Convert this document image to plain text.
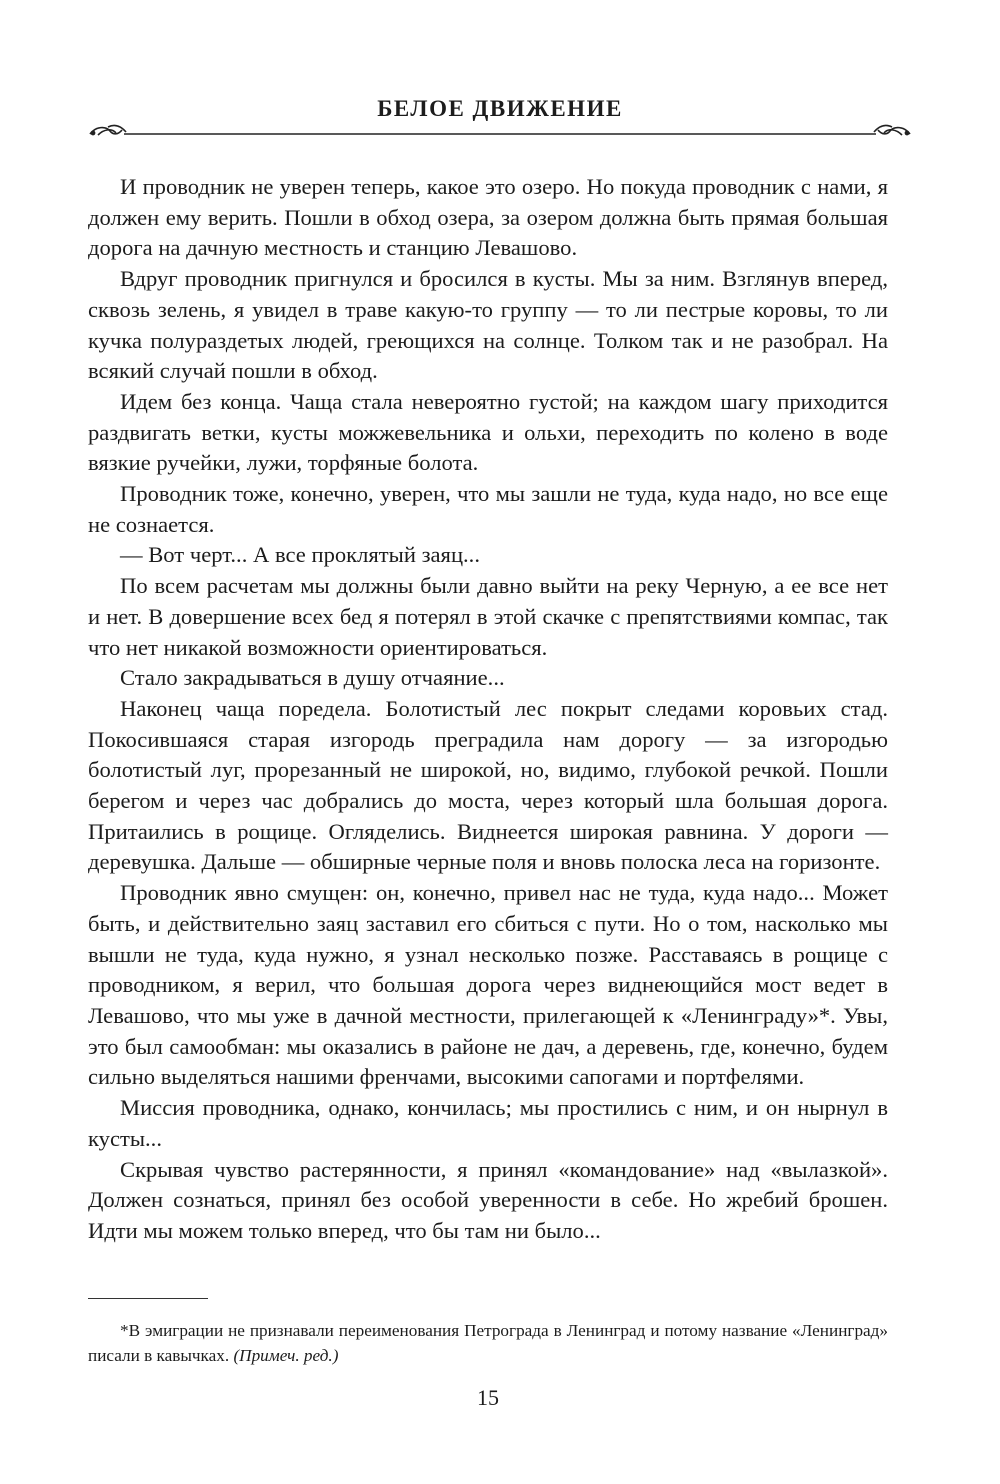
БЕЛОЕ ДВИЖЕНИЕ

И проводник не уверен теперь, какое это озеро. Но покуда проводник с нами, я должен ему верить. Пошли в обход озера, за озером должна быть прямая большая дорога на дачную местность и станцию Левашово.

Вдруг проводник пригнулся и бросился в кусты. Мы за ним. Взглянув вперед, сквозь зелень, я увидел в траве какую-то группу — то ли пестрые коровы, то ли кучка полураздетых людей, греющихся на солнце. Толком так и не разобрал. На всякий случай пошли в обход.

Идем без конца. Чаща стала невероятно густой; на каждом шагу приходится раздвигать ветки, кусты можжевельника и ольхи, переходить по колено в воде вязкие ручейки, лужи, торфяные болота.

Проводник тоже, конечно, уверен, что мы зашли не туда, куда надо, но все еще не сознается.

— Вот черт... А все проклятый заяц...

По всем расчетам мы должны были давно выйти на реку Черную, а ее все нет и нет. В довершение всех бед я потерял в этой скачке с препятствиями компас, так что нет никакой возможности ориентироваться.

Стало закрадываться в душу отчаяние...

Наконец чаща поредела. Болотистый лес покрыт следами коровьих стад. Покосившаяся старая изгородь преградила нам дорогу — за изгородью болотистый луг, прорезанный не широкой, но, видимо, глубокой речкой. Пошли берегом и через час добрались до моста, через который шла большая дорога. Притаились в рощице. Огляделись. Виднеется широкая равнина. У дороги — деревушка. Дальше — обширные черные поля и вновь полоска леса на горизонте.

Проводник явно смущен: он, конечно, привел нас не туда, куда надо... Может быть, и действительно заяц заставил его сбиться с пути. Но о том, насколько мы вышли не туда, куда нужно, я узнал несколько позже. Расставаясь в рощице с проводником, я верил, что большая дорога через виднеющийся мост ведет в Левашово, что мы уже в дачной местности, прилегающей к «Ленинграду»*. Увы, это был самообман: мы оказались в районе не дач, а деревень, где, конечно, будем сильно выделяться нашими френчами, высокими сапогами и портфелями.

Миссия проводника, однако, кончилась; мы простились с ним, и он нырнул в кусты...

Скрывая чувство растерянности, я принял «командование» над «вылазкой». Должен сознаться, принял без особой уверенности в себе. Но жребий брошен. Идти мы можем только вперед, что бы там ни было...

*В эмиграции не признавали переименования Петрограда в Ленинград и потому название «Ленинград» писали в кавычках. (Примеч. ред.)
15
